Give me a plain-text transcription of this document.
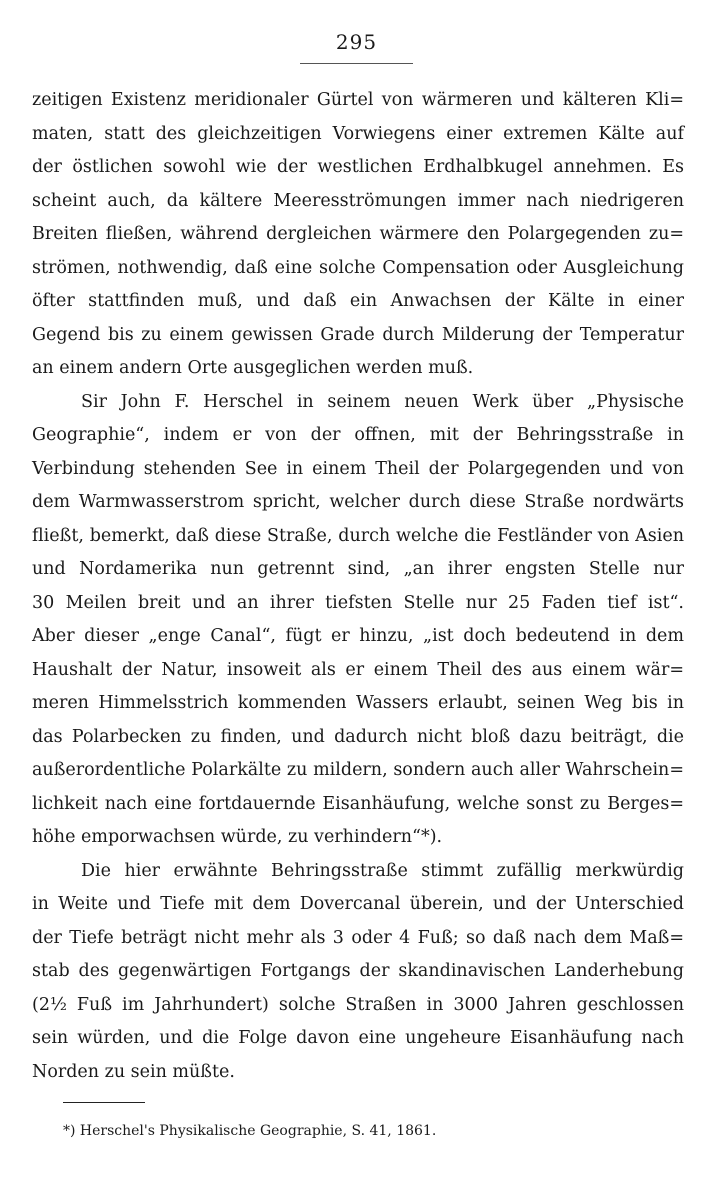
295
zeitigen Existenz meridionaler Gürtel von wärmeren und kälteren Kli=
maten, statt des gleichzeitigen Vorwiegens einer extremen Kälte auf
der östlichen sowohl wie der westlichen Erdhalbkugel annehmen. Es
scheint auch, da kältere Meeresströmungen immer nach niedrigeren
Breiten fließen, während dergleichen wärmere den Polargegenden zu=
strömen, nothwendig, daß eine solche Compensation oder Ausgleichung
öfter stattfinden muß, und daß ein Anwachsen der Kälte in einer
Gegend bis zu einem gewissen Grade durch Milderung der Temperatur
an einem andern Orte ausgeglichen werden muß.
Sir John F. Herschel in seinem neuen Werk über „Physische
Geographie“, indem er von der offnen, mit der Behringsstraße in
Verbindung stehenden See in einem Theil der Polargegenden und von
dem Warmwasserstrom spricht, welcher durch diese Straße nordwärts
fließt, bemerkt, daß diese Straße, durch welche die Festländer von Asien
und Nordamerika nun getrennt sind, „an ihrer engsten Stelle nur
30 Meilen breit und an ihrer tiefsten Stelle nur 25 Faden tief ist“.
Aber dieser „enge Canal“, fügt er hinzu, „ist doch bedeutend in dem
Haushalt der Natur, insoweit als er einem Theil des aus einem wär=
meren Himmelsstrich kommenden Wassers erlaubt, seinen Weg bis in
das Polarbecken zu finden, und dadurch nicht bloß dazu beiträgt, die
außerordentliche Polarkälte zu mildern, sondern auch aller Wahrschein=
lichkeit nach eine fortdauernde Eisanhäufung, welche sonst zu Berges=
höhe emporwachsen würde, zu verhindern“*).
Die hier erwähnte Behringsstraße stimmt zufällig merkwürdig
in Weite und Tiefe mit dem Dovercanal überein, und der Unterschied
der Tiefe beträgt nicht mehr als 3 oder 4 Fuß; so daß nach dem Maß=
stab des gegenwärtigen Fortgangs der skandinavischen Landerhebung
(2½ Fuß im Jahrhundert) solche Straßen in 3000 Jahren geschlossen
sein würden, und die Folge davon eine ungeheure Eisanhäufung nach
Norden zu sein müßte.
*) Herschel's Physikalische Geographie, S. 41, 1861.
